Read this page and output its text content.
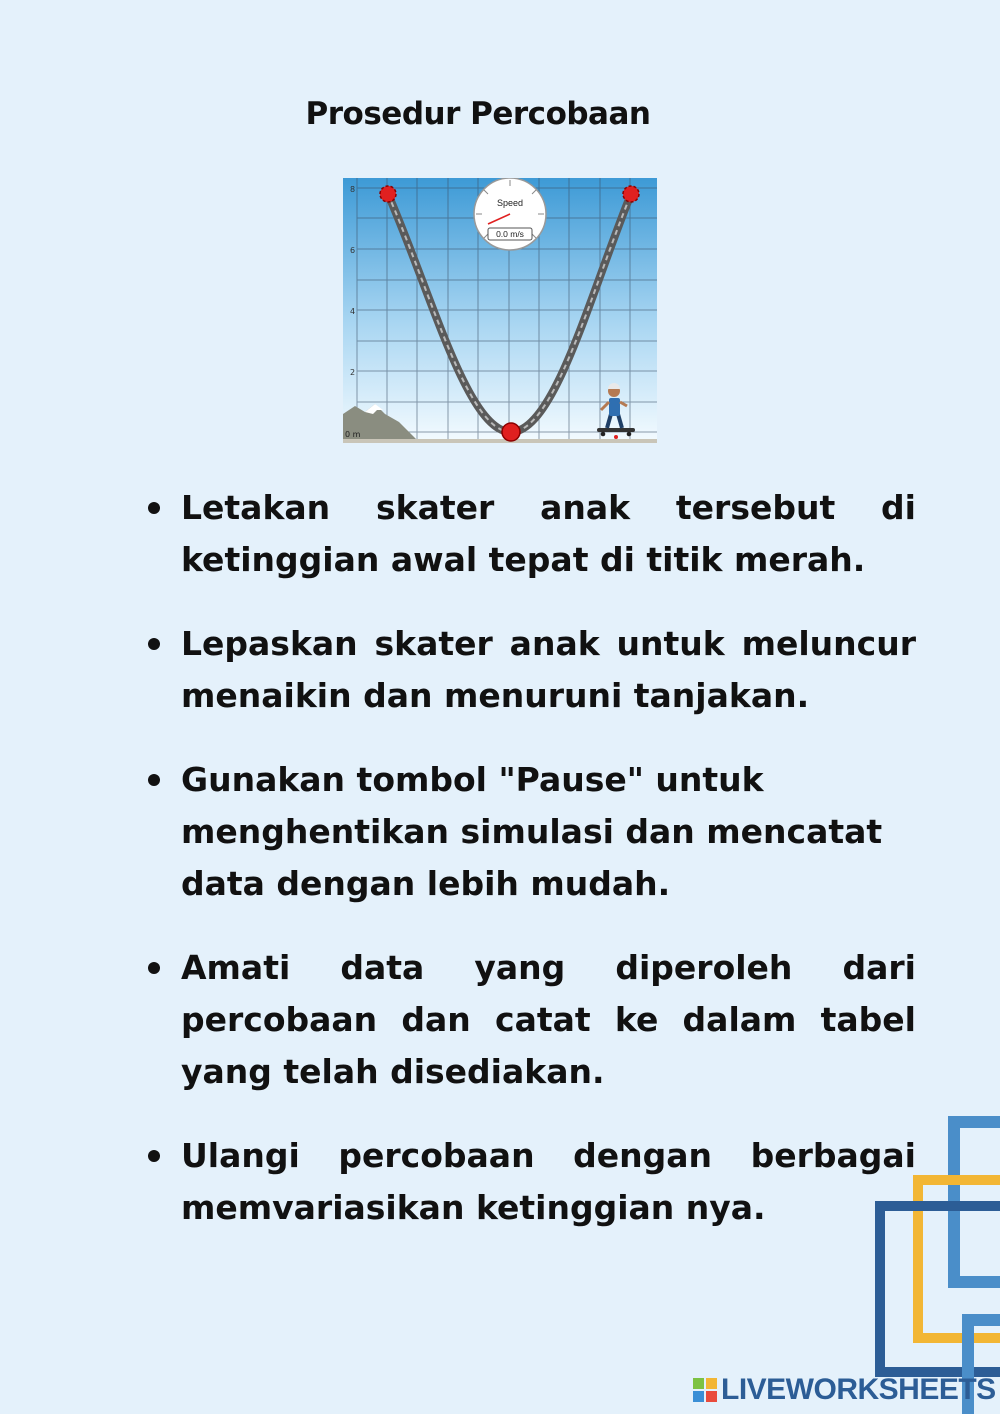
Prosedur Percobaan
8
6
4
2
0 m
Speed
0.0 m/s
Letakan skater anak tersebut di ketinggian awal tepat di titik merah.
Lepaskan skater anak untuk meluncur menaikin dan menuruni tanjakan.
Gunakan tombol "Pause" untuk menghentikan simulasi dan mencatat data dengan lebih mudah.
Amati data yang diperoleh dari percobaan dan catat ke dalam tabel yang telah disediakan.
Ulangi percobaan dengan berbagai memvariasikan ketinggian nya.
LIVEWORKSHEETS
